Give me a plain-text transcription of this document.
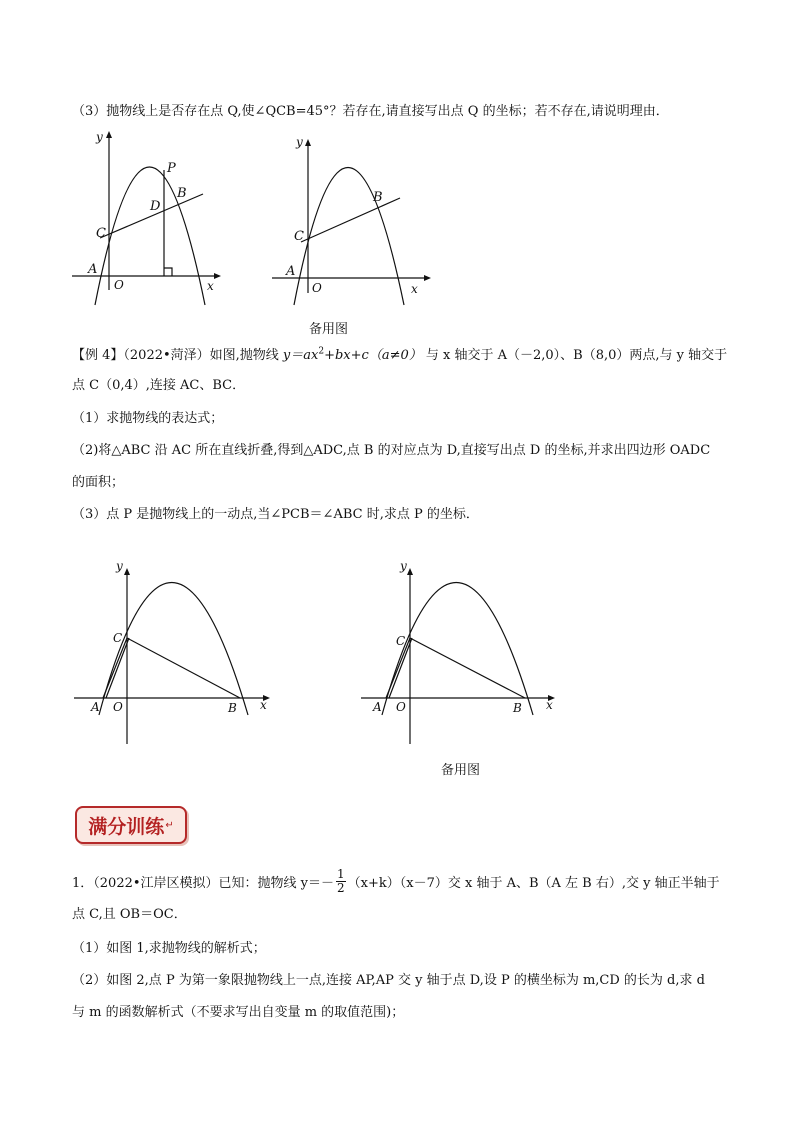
（3）抛物线上是否存在点 Q,使∠QCB=45°？若存在,请直接写出点 Q 的坐标；若不存在,请说明理由．
y
x
O
A
C
D
B
P
y
x
O
A
C
B
备用图
【例 4】（2022•菏泽）如图,抛物线 $y=ax^2+bx+c(a\ne 0)$ 与 x 轴交于 A（－2,0）、B（8,0）两点,与 y 轴交于
点 C（0,4）,连接 AC、BC．
（1）求抛物线的表达式；
（2)将△ABC 沿 AC 所在直线折叠,得到△ADC,点 B 的对应点为 D,直接写出点 D 的坐标,并求出四边形 OADC
的面积；
（3）点 P 是抛物线上的一动点,当∠PCB＝∠ABC 时,求点 P 的坐标．
y
x
O
A
C
B
y
x
O
A
C
B
备用图
满分训练 ↵
1．（2022•江岸区模拟）已知：抛物线 $y=- \frac{1}{2} (x+k)(x-7)$交 x 轴于 A、B（A 左 B 右）,交 y 轴正半轴于
点 C,且 OB＝OC．
（1）如图 1,求抛物线的解析式；
（2）如图 2,点 P 为第一象限抛物线上一点,连接 AP,AP 交 y 轴于点 D,设 P 的横坐标为 m,CD 的长为 d,求 d
与 m 的函数解析式（不要求写出自变量 m 的取值范围)；
